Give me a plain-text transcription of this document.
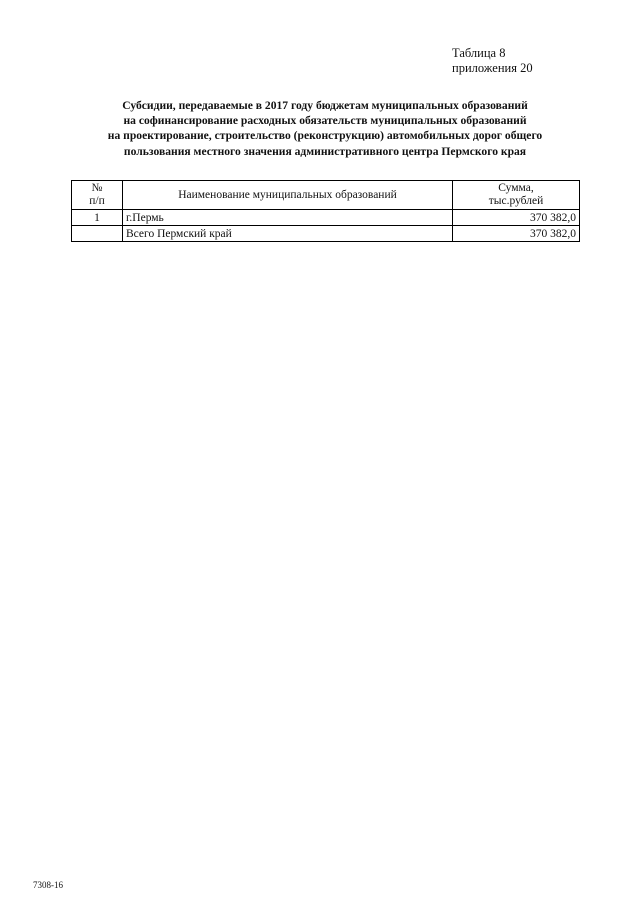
Таблица 8
приложения 20
Субсидии, передаваемые в 2017 году бюджетам муниципальных образований
на софинансирование расходных обязательств муниципальных образований
на проектирование, строительство (реконструкцию) автомобильных дорог общего
пользования местного значения административного центра Пермского края
№
п/п	Наименование муниципальных образований	Сумма,
тыс.рублей

1	г.Пермь	370 382,0
	Всего Пермский край	370 382,0
7308-16
